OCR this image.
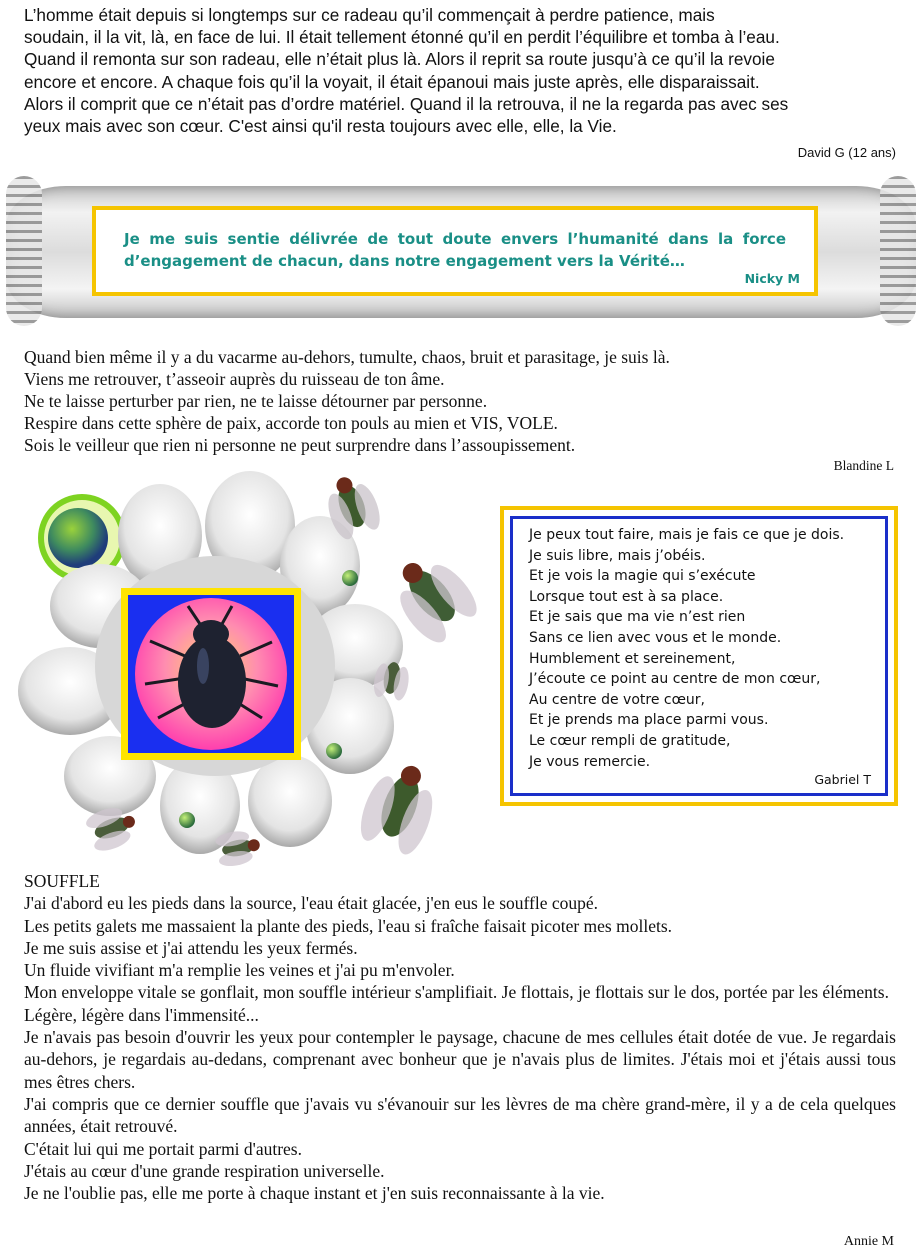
L’homme était depuis si longtemps sur ce radeau qu’il commençait à perdre patience, mais

soudain, il la vit, là, en face de lui. Il était tellement étonné qu’il en perdit l’équilibre et tomba à l’eau.

Quand il remonta sur son radeau, elle n’était plus là. Alors il reprit sa route jusqu’à ce qu’il la revoie

encore et encore. A chaque fois qu’il la voyait, il était épanoui mais juste après, elle disparaissait.

Alors il comprit que ce n’était pas d’ordre matériel. Quand il la retrouva, il ne la regarda pas avec ses

yeux mais avec son cœur. C'est ainsi qu'il resta toujours avec elle, elle, la Vie.

David G (12 ans)
Je me suis sentie délivrée de tout doute envers l’humanité dans la force d’engagement de chacun, dans notre engagement vers la Vérité…
Nicky M
Quand bien même il y a du vacarme au-dehors, tumulte, chaos, bruit et parasitage, je suis là.
Viens me retrouver, t’asseoir auprès du ruisseau de ton âme.
Ne te laisse perturber par rien, ne te laisse détourner par personne.
Respire dans cette sphère de paix, accorde ton pouls au mien et VIS, VOLE.
Sois le veilleur que rien ni personne ne peut surprendre dans l’assoupissement.
Blandine L
Je peux tout faire, mais je fais ce que je dois.
Je suis libre, mais j’obéis.
Et je vois la magie qui s’exécute
Lorsque tout est à sa place.
Et je sais que ma vie n’est rien
Sans ce lien avec vous et le monde.
Humblement et sereinement,
J’écoute ce point au centre de mon cœur,
Au centre de votre cœur,
Et je prends ma place parmi vous.
Le cœur rempli de gratitude,
Je vous remercie.
Gabriel T

SOUFFLE

J'ai d'abord eu les pieds dans la source, l'eau était glacée, j'en eus le souffle coupé.

Les petits galets me massaient la plante des pieds, l'eau si fraîche faisait picoter mes mollets.

Je me suis assise et j'ai attendu les yeux fermés.

Un fluide vivifiant m'a remplie les veines et j'ai pu m'envoler.

Mon enveloppe vitale se gonflait, mon souffle intérieur s'amplifiait. Je flottais, je flottais sur le dos, portée par les éléments.

Légère, légère dans l'immensité...

Je n'avais pas besoin d'ouvrir les yeux pour contempler le paysage, chacune de mes cellules était dotée de vue. Je regardais au-dehors, je regardais au-dedans, comprenant avec bonheur que je n'avais plus de limites. J'étais moi et j'étais aussi tous mes êtres chers.

J'ai compris que ce dernier souffle que j'avais vu s'évanouir sur les lèvres de ma chère grand-mère, il y a de cela quelques années, était retrouvé.

C'était lui qui me portait parmi d'autres.

J'étais au cœur d'une grande respiration universelle.

Je ne l'oublie pas, elle me porte à chaque instant et j'en suis reconnaissante à la vie.

Annie M
